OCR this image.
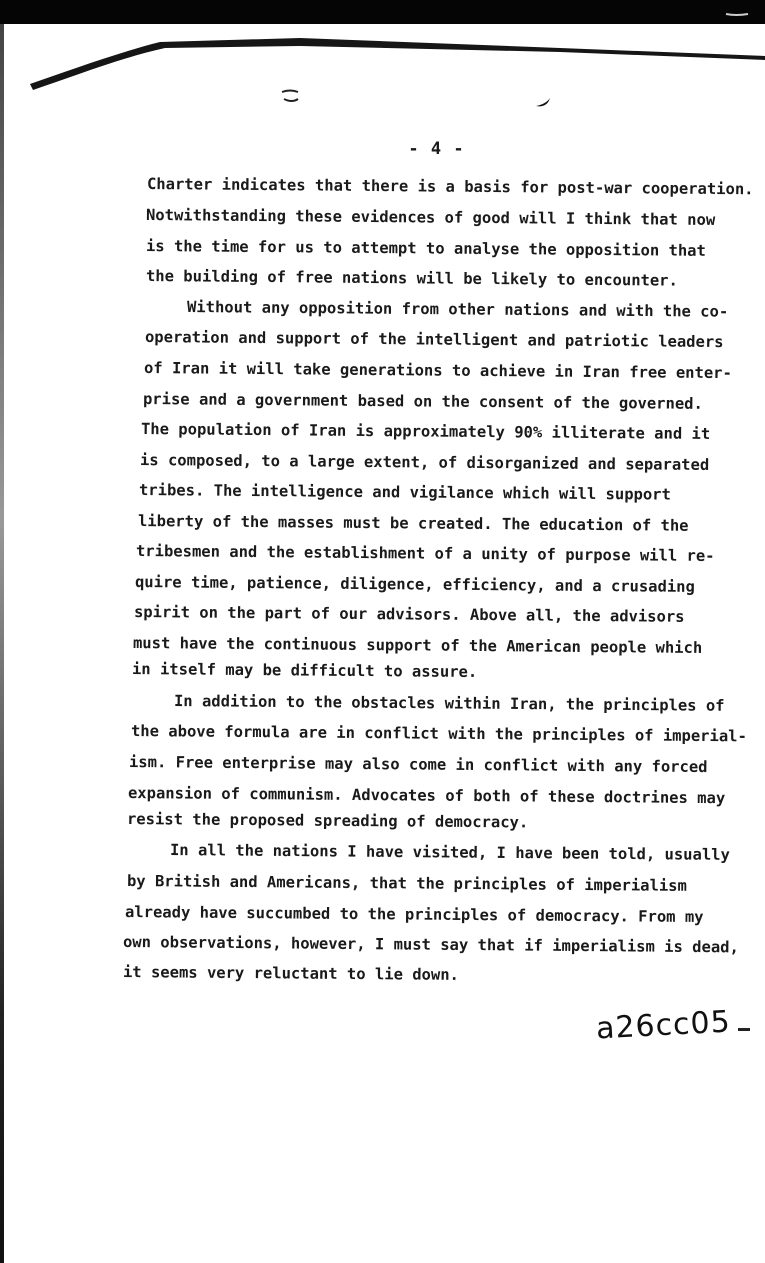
- 4 -
Charter indicates that there is a basis for post-war cooperation.
Notwithstanding these evidences of good will I think that now
is the time for us to attempt to analyse the opposition that
the building of free nations will be likely to encounter.
Without any opposition from other nations and with the co-
operation and support of the intelligent and patriotic leaders
of Iran it will take generations to achieve in Iran free enter-
prise and a government based on the consent of the governed.
The population of Iran is approximately 90% illiterate and it
is composed, to a large extent, of disorganized and separated
tribes. The intelligence and vigilance which will support
liberty of the masses must be created. The education of the
tribesmen and the establishment of a unity of purpose will re-
quire time, patience, diligence, efficiency, and a crusading
spirit on the part of our advisors. Above all, the advisors
must have the continuous support of the American people which
in itself may be difficult to assure.
In addition to the obstacles within Iran, the principles of
the above formula are in conflict with the principles of imperial-
ism. Free enterprise may also come in conflict with any forced
expansion of communism. Advocates of both of these doctrines may
resist the proposed spreading of democracy.
In all the nations I have visited, I have been told, usually
by British and Americans, that the principles of imperialism
already have succumbed to the principles of democracy. From my
own observations, however, I must say that if imperialism is dead,
it seems very reluctant to lie down.
a26cc05
